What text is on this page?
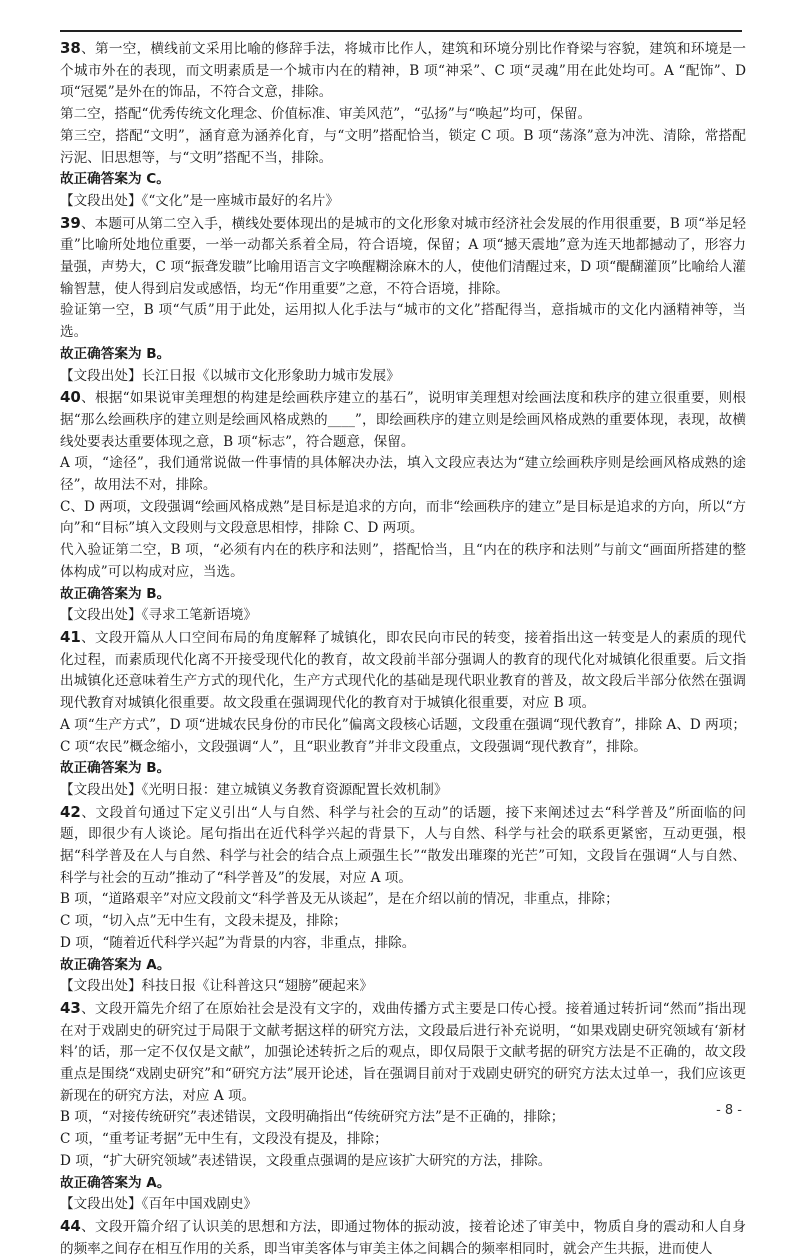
38、第一空，横线前文采用比喻的修辞手法，将城市比作人，建筑和环境分别比作脊梁与容貌，建筑和环境是一个城市外在的表现，而文明素质是一个城市内在的精神，B 项“神采”、C 项“灵魂”用在此处均可。A “配饰”、D 项“冠冕”是外在的饰品，不符合文意，排除。

第二空，搭配“优秀传统文化理念、价值标准、审美风范”，“弘扬”与“唤起”均可，保留。

第三空，搭配“文明”，涵育意为涵养化育，与“文明”搭配恰当，锁定 C 项。B 项“荡涤”意为冲洗、清除，常搭配污泥、旧思想等，与“文明”搭配不当，排除。

故正确答案为 C。

【文段出处】《“文化”是一座城市最好的名片》

39、本题可从第二空入手，横线处要体现出的是城市的文化形象对城市经济社会发展的作用很重要，B 项“举足轻重”比喻所处地位重要，一举一动都关系着全局，符合语境，保留；A 项“撼天震地”意为连天地都撼动了，形容力量强，声势大，C 项“振聋发聩”比喻用语言文字唤醒糊涂麻木的人，使他们清醒过来，D 项“醍醐灌顶”比喻给人灌输智慧，使人得到启发或感悟，均无“作用重要”之意，不符合语境，排除。

验证第一空，B 项“气质”用于此处，运用拟人化手法与“城市的文化”搭配得当，意指城市的文化内涵精神等，当选。

故正确答案为 B。

【文段出处】长江日报《以城市文化形象助力城市发展》

40、根据“如果说审美理想的构建是绘画秩序建立的基石”，说明审美理想对绘画法度和秩序的建立很重要，则根据“那么绘画秩序的建立则是绘画风格成熟的____”，即绘画秩序的建立则是绘画风格成熟的重要体现，表现，故横线处要表达重要体现之意，B 项“标志”，符合题意，保留。

A 项，“途径”，我们通常说做一件事情的具体解决办法，填入文段应表达为“建立绘画秩序则是绘画风格成熟的途径”，故用法不对，排除。

C、D 两项，文段强调“绘画风格成熟”是目标是追求的方向，而非“绘画秩序的建立”是目标是追求的方向，所以“方向”和“目标”填入文段则与文段意思相悖，排除 C、D 两项。

代入验证第二空，B 项，“必须有内在的秩序和法则”，搭配恰当，且“内在的秩序和法则”与前文“画面所搭建的整体构成”可以构成对应，当选。

故正确答案为 B。

【文段出处】《寻求工笔新语境》

41、文段开篇从人口空间布局的角度解释了城镇化，即农民向市民的转变，接着指出这一转变是人的素质的现代化过程，而素质现代化离不开接受现代化的教育，故文段前半部分强调人的教育的现代化对城镇化很重要。后文指出城镇化还意味着生产方式的现代化，生产方式现代化的基础是现代职业教育的普及，故文段后半部分依然在强调现代教育对城镇化很重要。故文段重在强调现代化的教育对于城镇化很重要，对应 B 项。

A 项“生产方式”，D 项“进城农民身份的市民化”偏离文段核心话题，文段重在强调“现代教育”，排除 A、D 两项；C 项“农民”概念缩小，文段强调“人”，且“职业教育”并非文段重点，文段强调“现代教育”，排除。

故正确答案为 B。

【文段出处】《光明日报：建立城镇义务教育资源配置长效机制》

42、文段首句通过下定义引出“人与自然、科学与社会的互动”的话题，接下来阐述过去“科学普及”所面临的问题，即很少有人谈论。尾句指出在近代科学兴起的背景下，人与自然、科学与社会的联系更紧密，互动更强，根据“科学普及在人与自然、科学与社会的结合点上顽强生长”“散发出璀璨的光芒”可知，文段旨在强调“人与自然、科学与社会的互动”推动了“科学普及”的发展，对应 A 项。

B 项，“道路艰辛”对应文段前文“科学普及无从谈起”，是在介绍以前的情况，非重点，排除；

C 项，“切入点”无中生有，文段未提及，排除；

D 项，“随着近代科学兴起”为背景的内容，非重点，排除。

故正确答案为 A。

【文段出处】科技日报《让科普这只“翅膀”硬起来》

43、文段开篇先介绍了在原始社会是没有文字的，戏曲传播方式主要是口传心授。接着通过转折词“然而”指出现在对于戏剧史的研究过于局限于文献考据这样的研究方法，文段最后进行补充说明，“如果戏剧史研究领域有‘新材料’的话，那一定不仅仅是文献”，加强论述转折之后的观点，即仅局限于文献考据的研究方法是不正确的，故文段重点是围绕“戏剧史研究”和“研究方法”展开论述，旨在强调目前对于戏剧史研究的研究方法太过单一，我们应该更新现在的研究方法，对应 A 项。

B 项，“对接传统研究”表述错误，文段明确指出“传统研究方法”是不正确的，排除；

C 项，“重考证考据”无中生有，文段没有提及，排除；

D 项，“扩大研究领域”表述错误，文段重点强调的是应该扩大研究的方法，排除。

故正确答案为 A。

【文段出处】《百年中国戏剧史》

44、文段开篇介绍了认识美的思想和方法，即通过物体的振动波，接着论述了审美中，物质自身的震动和人自身的频率之间存在相互作用的关系，即当审美客体与审美主体之间耦合的频率相同时，就会产生共振，进而使人

- 8 -
